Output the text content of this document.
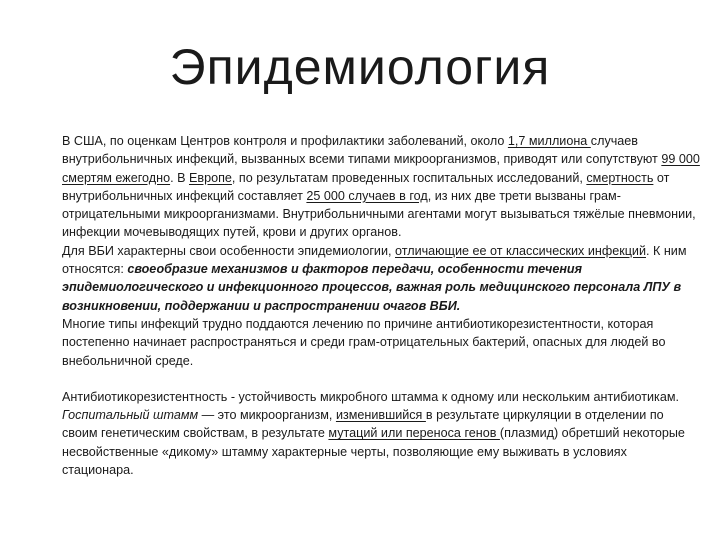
Эпидемиология

В США, по оценкам Центров контроля и профилактики заболеваний, около 1,7 миллиона случаев внутрибольничных инфекций, вызванных всеми типами микроорганизмов, приводят или сопутствуют 99 000 смертям ежегодно. В Европе, по результатам проведенных госпитальных исследований, смертность от внутрибольничных инфекций составляет 25 000 случаев в год, из них две трети вызваны грам-отрицательными микроорганизмами. Внутрибольничными агентами могут вызываться тяжёлые пневмонии, инфекции мочевыводящих путей, крови и других органов.

Для ВБИ характерны свои особенности эпидемиологии, отличающие ее от классических инфекций. К ним относятся: своеобразие механизмов и факторов передачи, особенности течения эпидемиологического и инфекционного процессов, важная роль медицинского персонала ЛПУ в возникновении, поддержании и распространении очагов ВБИ.

Многие типы инфекций трудно поддаются лечению по причине антибиотикорезистентности, которая постепенно начинает распространяться и среди грам-отрицательных бактерий, опасных для людей во внебольничной среде.

Антибиотикорезистентность - устойчивость микробного штамма к одному или нескольким антибиотикам.

Госпитальный штамм — это микроорганизм, изменившийся в результате циркуляции в отделении по своим генетическим свойствам, в результате мутаций или переноса генов (плазмид) обретший некоторые несвойственные «дикому» штамму характерные черты, позволяющие ему выживать в условиях стационара.
